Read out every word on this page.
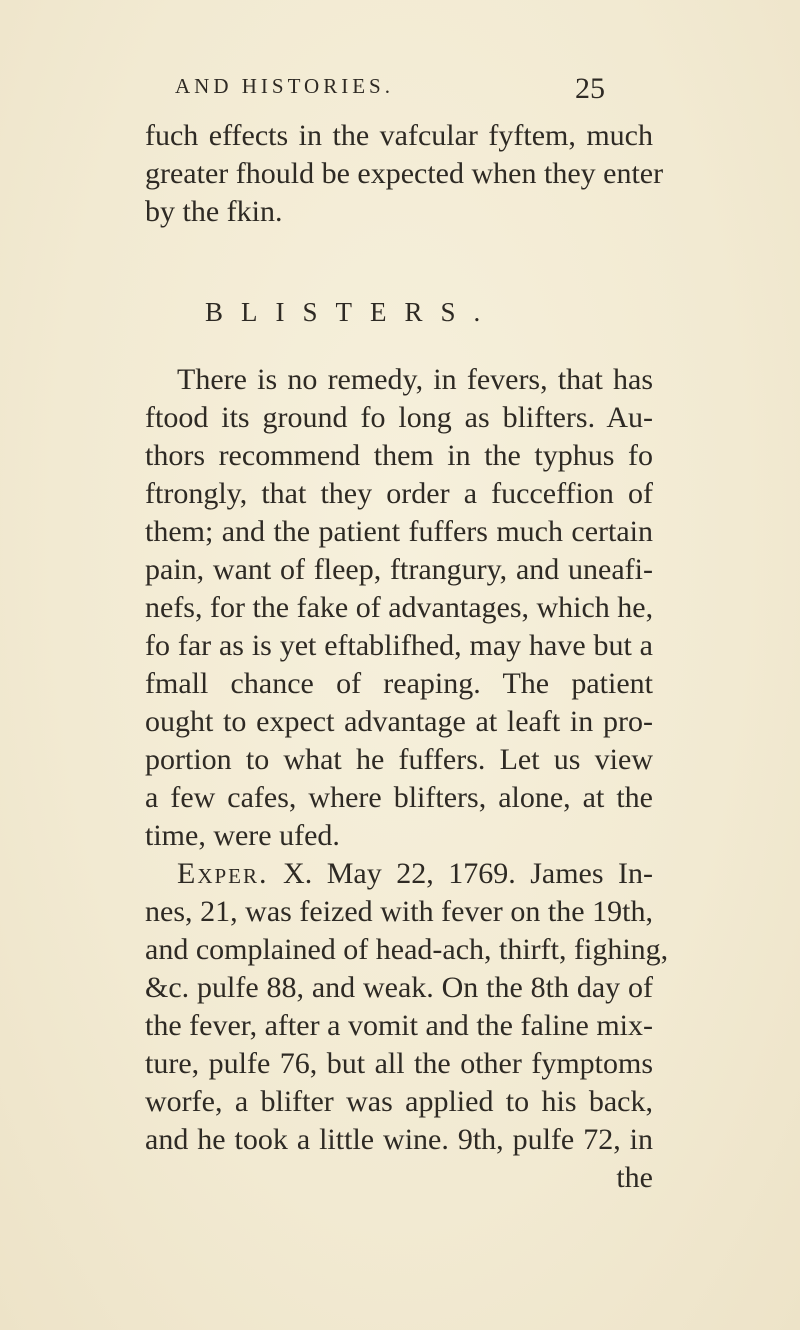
AND HISTORIES.	25
fuch effects in the vafcular fyftem, much
greater fhould be expected when they enter
by the fkin.
BLISTERS.
There is no remedy, in fevers, that has
ftood its ground fo long as blifters. Au-
thors recommend them in the typhus fo
ftrongly, that they order a fucceffion of
them; and the patient fuffers much certain
pain, want of fleep, ftrangury, and uneafi-
nefs, for the fake of advantages, which he,
fo far as is yet eftablifhed, may have but a
fmall chance of reaping. The patient
ought to expect advantage at leaft in pro-
portion to what he fuffers. Let us view
a few cafes, where blifters, alone, at the
time, were ufed.
Exper. X. May 22, 1769. James In-
nes, 21, was feized with fever on the 19th,
and complained of head-ach, thirft, fighing,
&c. pulfe 88, and weak. On the 8th day of
the fever, after a vomit and the faline mix-
ture, pulfe 76, but all the other fymptoms
worfe, a blifter was applied to his back,
and he took a little wine. 9th, pulfe 72, in
the
